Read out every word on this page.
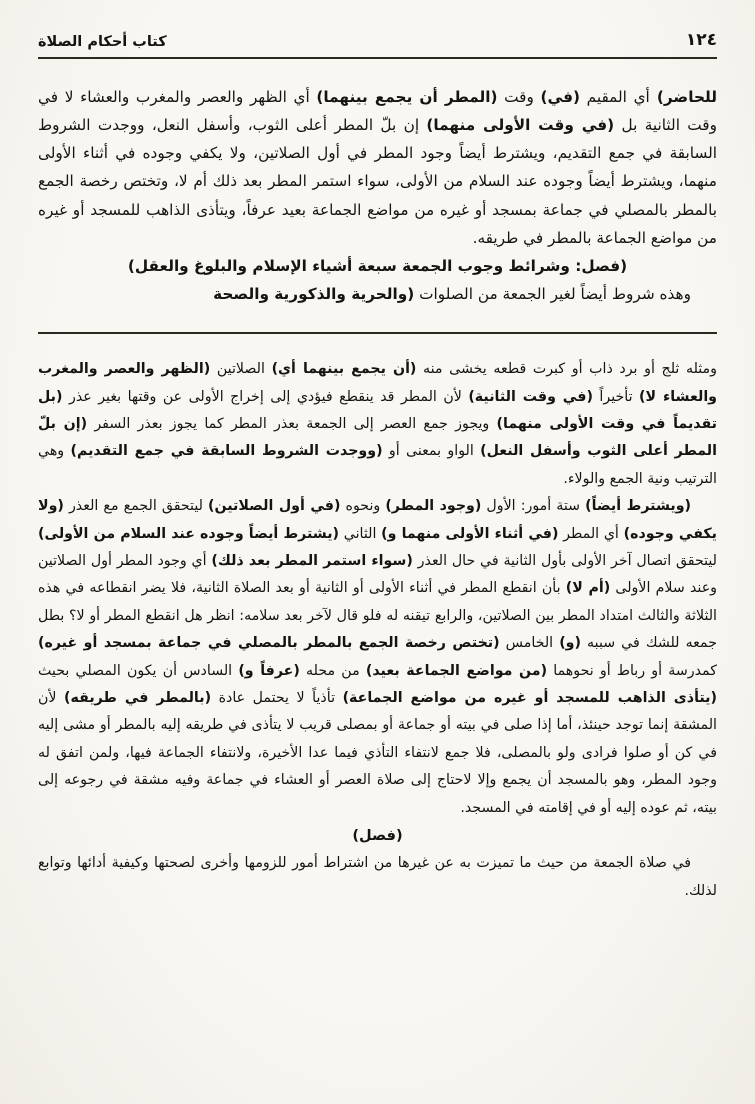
١٢٤
كتاب أحكام الصلاة

للحاضر) أي المقيم (في) وقت (المطر أن يجمع بينهما) أي الظهر والعصر والمغرب والعشاء لا في وقت الثانية بل (في وقت الأولى منهما) إن بلّ المطر أعلى الثوب، وأسفل النعل، ووجدت الشروط السابقة في جمع التقديم، ويشترط أيضاً وجود المطر في أول الصلاتين، ولا يكفي وجوده في أثناء الأولى منهما، ويشترط أيضاً وجوده عند السلام من الأولى، سواء استمر المطر بعد ذلك أم لا، وتختص رخصة الجمع بالمطر بالمصلي في جماعة بمسجد أو غيره من مواضع الجماعة بعيد عرفاً، ويتأذى الذاهب للمسجد أو غيره من مواضع الجماعة بالمطر في طريقه.

(فصل: وشرائط وجوب الجمعة سبعة أشياء الإسلام والبلوغ والعقل)

وهذه شروط أيضاً لغير الجمعة من الصلوات (والحرية والذكورية والصحة

ومثله ثلج أو برد ذاب أو كبرت قطعه يخشى منه (أن يجمع بينهما أي) الصلاتين (الظهر والعصر والمغرب والعشاء لا) تأخيراً (في وقت الثانية) لأن المطر قد ينقطع فيؤدي إلى إخراج الأولى عن وقتها بغير عذر (بل تقديماً في وقت الأولى منهما) ويجوز جمع العصر إلى الجمعة بعذر المطر كما يجوز بعذر السفر (إن بلّ المطر أعلى الثوب وأسفل النعل) الواو بمعنى أو (ووجدت الشروط السابقة في جمع التقديم) وهي الترتيب ونية الجمع والولاء.

(ويشترط أيضاً) ستة أمور: الأول (وجود المطر) ونحوه (في أول الصلاتين) ليتحقق الجمع مع العذر (ولا يكفي وجوده) أي المطر (في أثناء الأولى منهما و) الثاني (يشترط أيضاً وجوده عند السلام من الأولى) ليتحقق اتصال آخر الأولى بأول الثانية في حال العذر (سواء استمر المطر بعد ذلك) أي وجود المطر أول الصلاتين وعند سلام الأولى (أم لا) بأن انقطع المطر في أثناء الأولى أو الثانية أو بعد الصلاة الثانية، فلا يضر انقطاعه في هذه الثلاثة والثالث امتداد المطر بين الصلاتين، والرابع تيقنه له فلو قال لآخر بعد سلامه: انظر هل انقطع المطر أو لا؟ بطل جمعه للشك في سببه (و) الخامس (تختص رخصة الجمع بالمطر بالمصلي في جماعة بمسجد أو غيره) كمدرسة أو رباط أو نحوهما (من مواضع الجماعة بعيد) من محله (عرفاً و) السادس أن يكون المصلي بحيث (يتأذى الذاهب للمسجد أو غيره من مواضع الجماعة) تأذياً لا يحتمل عادة (بالمطر في طريقه) لأن المشقة إنما توجد حينئذ، أما إذا صلى في بيته أو جماعة أو بمصلى قريب لا يتأذى في طريقه إليه بالمطر أو مشى إليه في كن أو صلوا فرادى ولو بالمصلى، فلا جمع لانتفاء التأذي فيما عدا الأخيرة، ولانتفاء الجماعة فيها، ولمن اتفق له وجود المطر، وهو بالمسجد أن يجمع وإلا لاحتاج إلى صلاة العصر أو العشاء في جماعة وفيه مشقة في رجوعه إلى بيته، ثم عوده إليه أو في إقامته في المسجد.

(فصل)

في صلاة الجمعة من حيث ما تميزت به عن غيرها من اشتراط أمور للزومها وأخرى لصحتها وكيفية أدائها وتوابع لذلك.
